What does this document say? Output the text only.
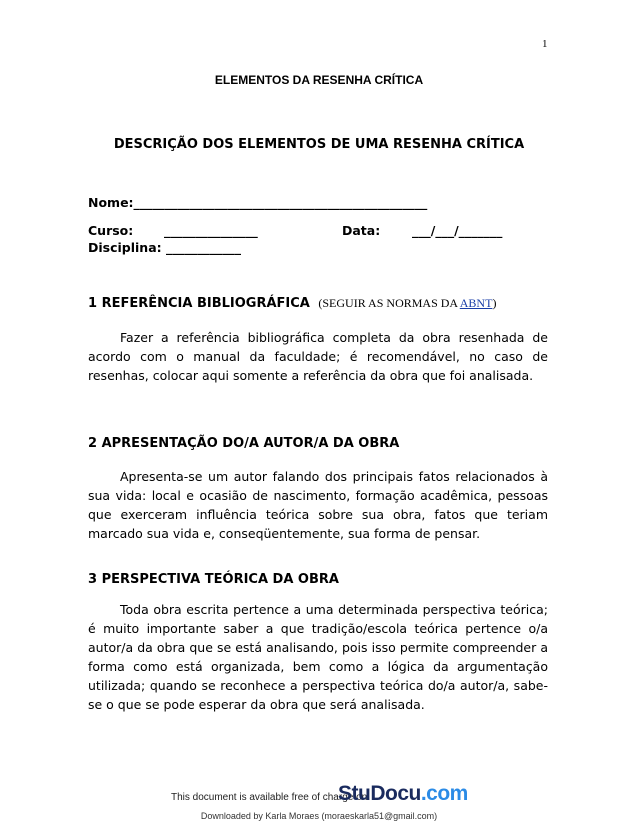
1
ELEMENTOS DA RESENHA CRÍTICA
DESCRIÇÃO DOS ELEMENTOS DE UMA RESENHA CRÍTICA
Nome:_______________________________________________
Curso: _______________	Data:	___/___/_______
Disciplina: ____________
1 REFERÊNCIA BIBLIOGRÁFICA (SEGUIR AS NORMAS DA ABNT)

Fazer a referência bibliográfica completa da obra resenhada de acordo com o manual da faculdade; é recomendável, no caso de resenhas, colocar aqui somente a referência da obra que foi analisada.

2 APRESENTAÇÃO DO/A AUTOR/A DA OBRA

Apresenta-se um autor falando dos principais fatos relacionados à sua vida: local e ocasião de nascimento, formação acadêmica, pessoas que exerceram influência teórica sobre sua obra, fatos que teriam marcado sua vida e, conseqüentemente, sua forma de pensar.

3 PERSPECTIVA TEÓRICA DA OBRA

Toda obra escrita pertence a uma determinada perspectiva teórica; é muito importante saber a que tradição/escola teórica pertence o/a autor/a da obra que se está analisando, pois isso permite compreender a forma como está organizada, bem como a lógica da argumentação utilizada; quando se reconhece a perspectiva teórica do/a autor/a, sabe-se o que se pode esperar da obra que será analisada.

This document is available free of charge on
StuDocu.com
Downloaded by Karla Moraes (moraeskarla51@gmail.com)
